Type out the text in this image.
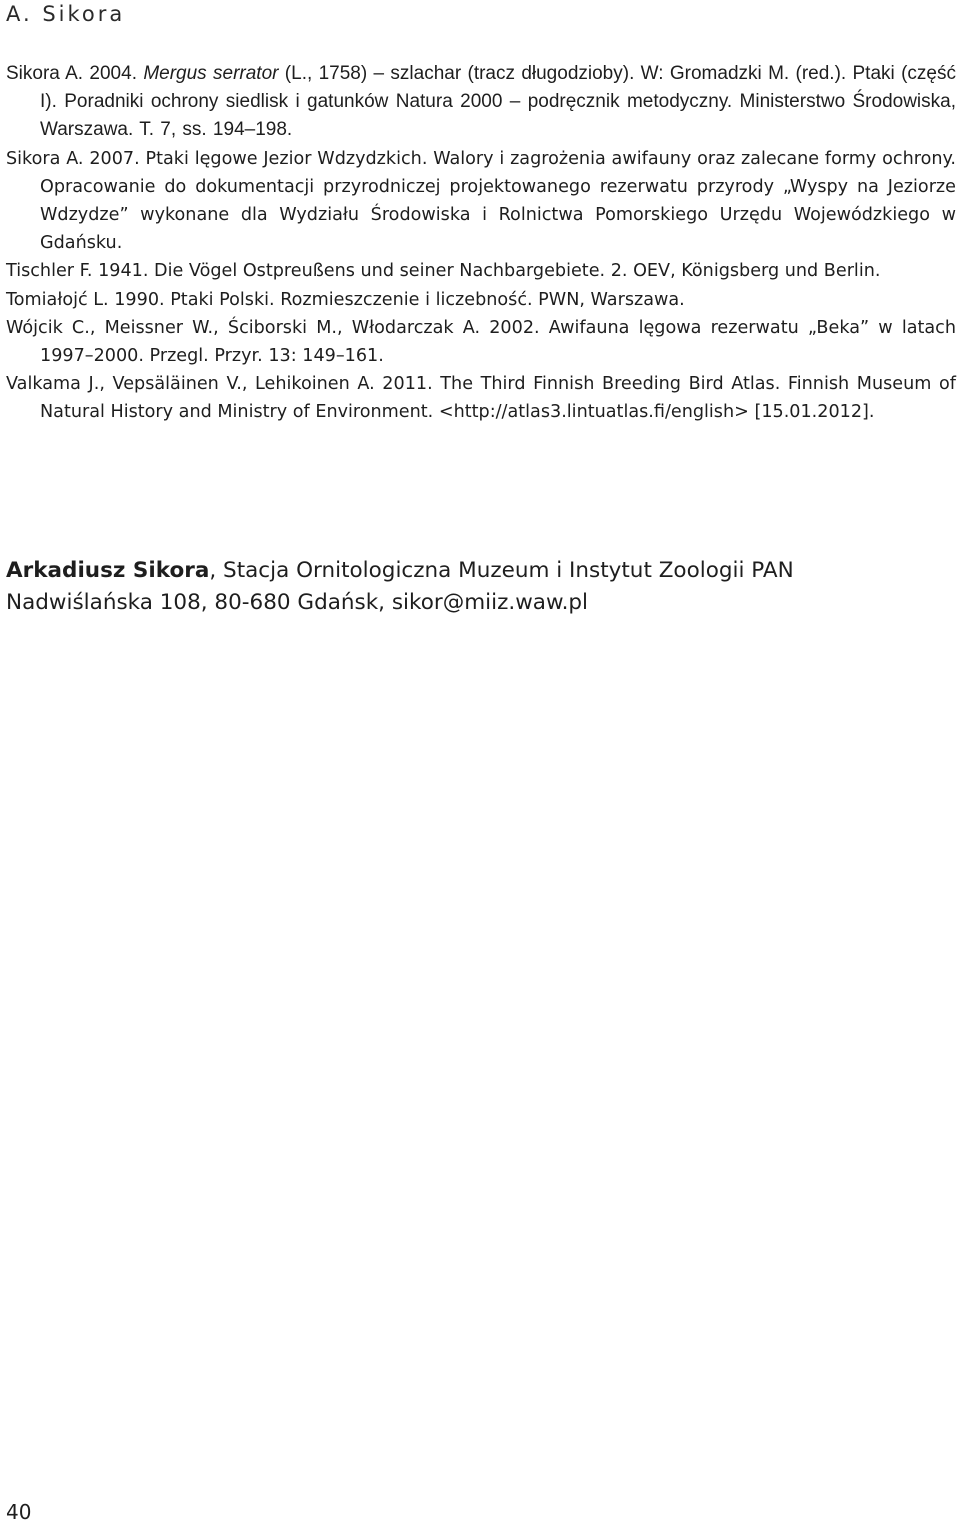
A. Sikora

Sikora A. 2004. Mergus serrator (L., 1758) – szlachar (tracz długodzioby). W: Gromadzki M. (red.). Ptaki (część I). Poradniki ochrony siedlisk i gatunków Natura 2000 – podręcznik metodyczny. Ministerstwo Środowiska, Warszawa. T. 7, ss. 194–198.

Sikora A. 2007. Ptaki lęgowe Jezior Wdzydzkich. Walory i zagrożenia awifauny oraz zalecane formy ochrony. Opracowanie do dokumentacji przyrodniczej projektowanego rezerwatu przyrody „Wyspy na Jeziorze Wdzydze” wykonane dla Wydziału Środowiska i Rolnictwa Pomorskiego Urzędu Wojewódzkiego w Gdańsku.

Tischler F. 1941. Die Vögel Ostpreußens und seiner Nachbargebiete. 2. OEV, Königsberg und Berlin.

Tomiałojć L. 1990. Ptaki Polski. Rozmieszczenie i liczebność. PWN, Warszawa.

Wójcik C., Meissner W., Ściborski M., Włodarczak A. 2002. Awifauna lęgowa rezerwatu „Beka” w latach 1997–2000. Przegl. Przyr. 13: 149–161.

Valkama J., Vepsäläinen V., Lehikoinen A. 2011. The Third Finnish Breeding Bird Atlas. Finnish Museum of Natural History and Ministry of Environment. <http://atlas3.lintuatlas.fi/english> [15.01.2012].

Arkadiusz Sikora, Stacja Ornitologiczna Muzeum i Instytut Zoologii PAN
Nadwiślańska 108, 80-680 Gdańsk, sikor@miiz.waw.pl
40
